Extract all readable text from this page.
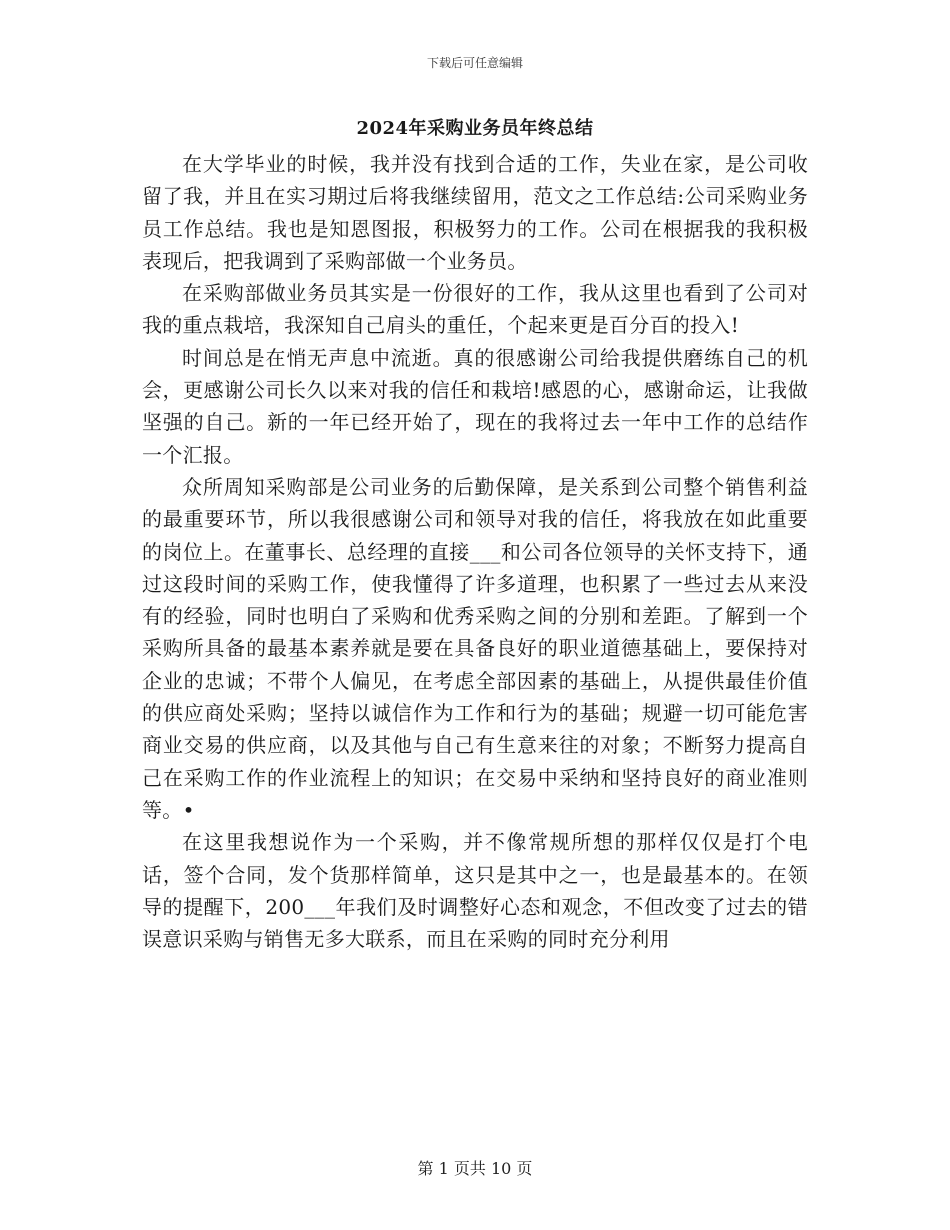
下载后可任意编辑
2024年采购业务员年终总结

在大学毕业的时候，我并没有找到合适的工作，失业在家，是公司收留了我，并且在实习期过后将我继续留用，范文之工作总结:公司采购业务员工作总结。我也是知恩图报，积极努力的工作。公司在根据我的我积极表现后，把我调到了采购部做一个业务员。

在采购部做业务员其实是一份很好的工作，我从这里也看到了公司对我的重点栽培，我深知自己肩头的重任，个起来更是百分百的投入!

时间总是在悄无声息中流逝。真的很感谢公司给我提供磨练自己的机会，更感谢公司长久以来对我的信任和栽培!感恩的心，感谢命运，让我做坚强的自己。新的一年已经开始了，现在的我将过去一年中工作的总结作一个汇报。

众所周知采购部是公司业务的后勤保障，是关系到公司整个销售利益的最重要环节，所以我很感谢公司和领导对我的信任，将我放在如此重要的岗位上。在董事长、总经理的直接___和公司各位领导的关怀支持下，通过这段时间的采购工作，使我懂得了许多道理，也积累了一些过去从来没有的经验，同时也明白了采购和优秀采购之间的分别和差距。了解到一个采购所具备的最基本素养就是要在具备良好的职业道德基础上，要保持对企业的忠诚；不带个人偏见，在考虑全部因素的基础上，从提供最佳价值的供应商处采购；坚持以诚信作为工作和行为的基础；规避一切可能危害商业交易的供应商，以及其他与自己有生意来往的对象；不断努力提高自己在采购工作的作业流程上的知识；在交易中采纳和坚持良好的商业准则等。•

在这里我想说作为一个采购，并不像常规所想的那样仅仅是打个电话，签个合同，发个货那样简单，这只是其中之一，也是最基本的。在领导的提醒下，200___年我们及时调整好心态和观念，不但改变了过去的错误意识采购与销售无多大联系，而且在采购的同时充分利用

第 1 页共 10 页
